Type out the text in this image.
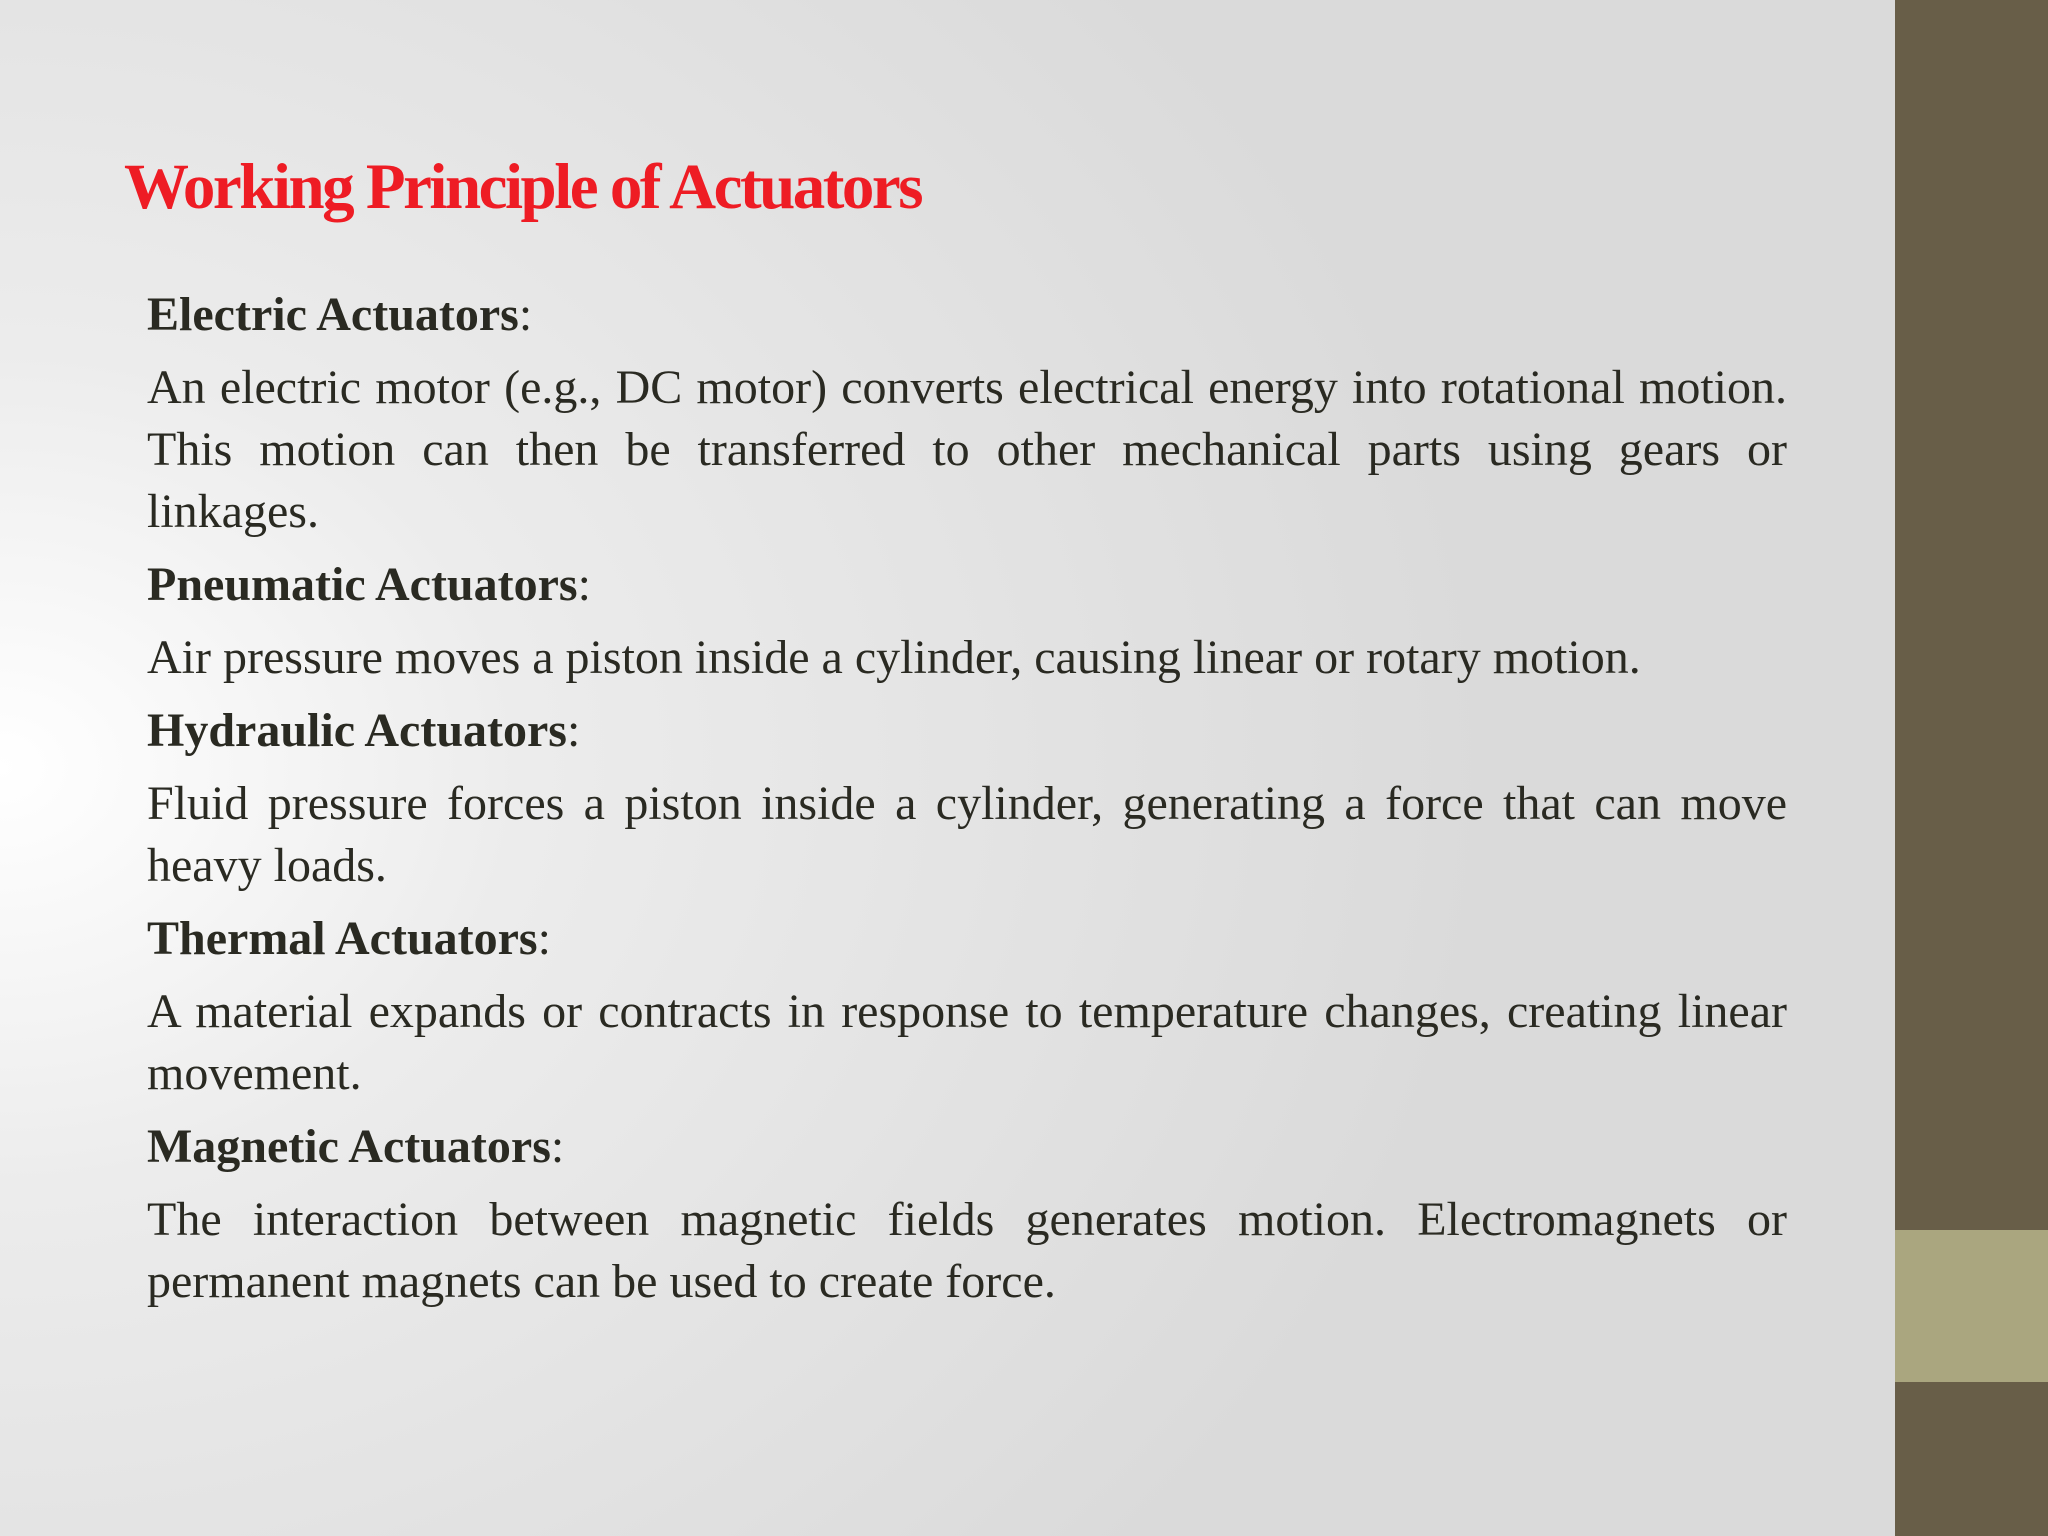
Working Principle of Actuators

Electric Actuators:

An electric motor (e.g., DC motor) converts electrical energy into rotational motion. This motion can then be transferred to other mechanical parts using gears or linkages.

Pneumatic Actuators:

Air pressure moves a piston inside a cylinder, causing linear or rotary motion.

Hydraulic Actuators:

Fluid pressure forces a piston inside a cylinder, generating a force that can move heavy loads.

Thermal Actuators:

A material expands or contracts in response to temperature changes, creating linear movement.

Magnetic Actuators:

The interaction between magnetic fields generates motion. Electromagnets or permanent magnets can be used to create force.
